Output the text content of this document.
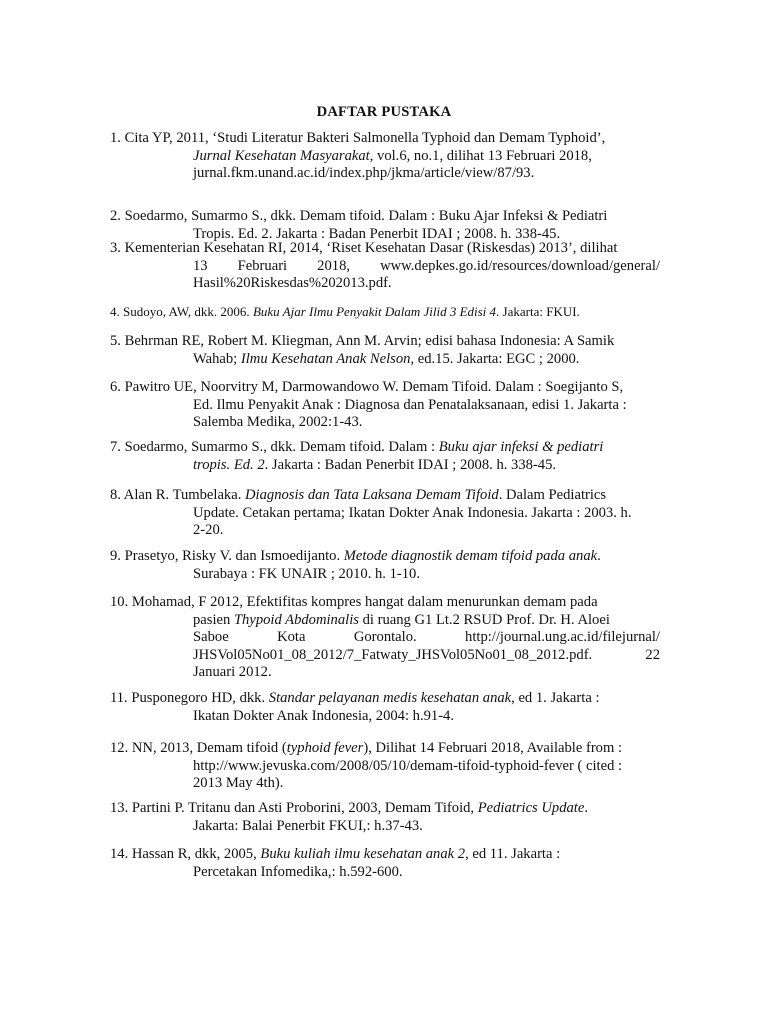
DAFTAR PUSTAKA
1. Cita YP, 2011, ‘Studi Literatur Bakteri Salmonella Typhoid dan Demam Typhoid’,
Jurnal Kesehatan Masyarakat, vol.6, no.1, dilihat 13 Februari 2018,
jurnal.fkm.unand.ac.id/index.php/jkma/article/view/87/93.
2. Soedarmo, Sumarmo S., dkk. Demam tifoid. Dalam : Buku Ajar Infeksi & Pediatri
Tropis. Ed. 2. Jakarta : Badan Penerbit IDAI ; 2008. h. 338-45.
3. Kementerian Kesehatan RI, 2014, ‘Riset Kesehatan Dasar (Riskesdas) 2013’, dilihat
13 Februari 2018, www.depkes.go.id/resources/download/general/
Hasil%20Riskesdas%202013.pdf.
4. Sudoyo, AW, dkk. 2006. Buku Ajar Ilmu Penyakit Dalam Jilid 3 Edisi 4. Jakarta: FKUI.
5. Behrman RE, Robert M. Kliegman, Ann M. Arvin; edisi bahasa Indonesia: A Samik
Wahab; Ilmu Kesehatan Anak Nelson, ed.15. Jakarta: EGC ; 2000.
6. Pawitro UE, Noorvitry M, Darmowandowo W. Demam Tifoid. Dalam : Soegijanto S,
Ed. Ilmu Penyakit Anak : Diagnosa dan Penatalaksanaan, edisi 1. Jakarta :
Salemba Medika, 2002:1-43.
7. Soedarmo, Sumarmo S., dkk. Demam tifoid. Dalam : Buku ajar infeksi & pediatri
tropis. Ed. 2. Jakarta : Badan Penerbit IDAI ; 2008. h. 338-45.
8. Alan R. Tumbelaka. Diagnosis dan Tata Laksana Demam Tifoid. Dalam Pediatrics
Update. Cetakan pertama; Ikatan Dokter Anak Indonesia. Jakarta : 2003. h.
2-20.
9. Prasetyo, Risky V. dan Ismoedijanto. Metode diagnostik demam tifoid pada anak.
Surabaya : FK UNAIR ; 2010. h. 1-10.
10. Mohamad, F 2012, Efektifitas kompres hangat dalam menurunkan demam pada
pasien Thypoid Abdominalis di ruang G1 Lt.2 RSUD Prof. Dr. H. Aloei
Saboe Kota Gorontalo. http://journal.ung.ac.id/filejurnal/
JHSVol05No01_08_2012/7_Fatwaty_JHSVol05No01_08_2012.pdf. 22
Januari 2012.
11. Pusponegoro HD, dkk. Standar pelayanan medis kesehatan anak, ed 1. Jakarta :
Ikatan Dokter Anak Indonesia, 2004: h.91-4.
12. NN, 2013, Demam tifoid (typhoid fever), Dilihat 14 Februari 2018, Available from :
http://www.jevuska.com/2008/05/10/demam-tifoid-typhoid-fever ( cited :
2013 May 4th).
13. Partini P. Tritanu dan Asti Proborini, 2003, Demam Tifoid, Pediatrics Update.
Jakarta: Balai Penerbit FKUI,: h.37-43.
14. Hassan R, dkk, 2005, Buku kuliah ilmu kesehatan anak 2, ed 11. Jakarta :
Percetakan Infomedika,: h.592-600.
